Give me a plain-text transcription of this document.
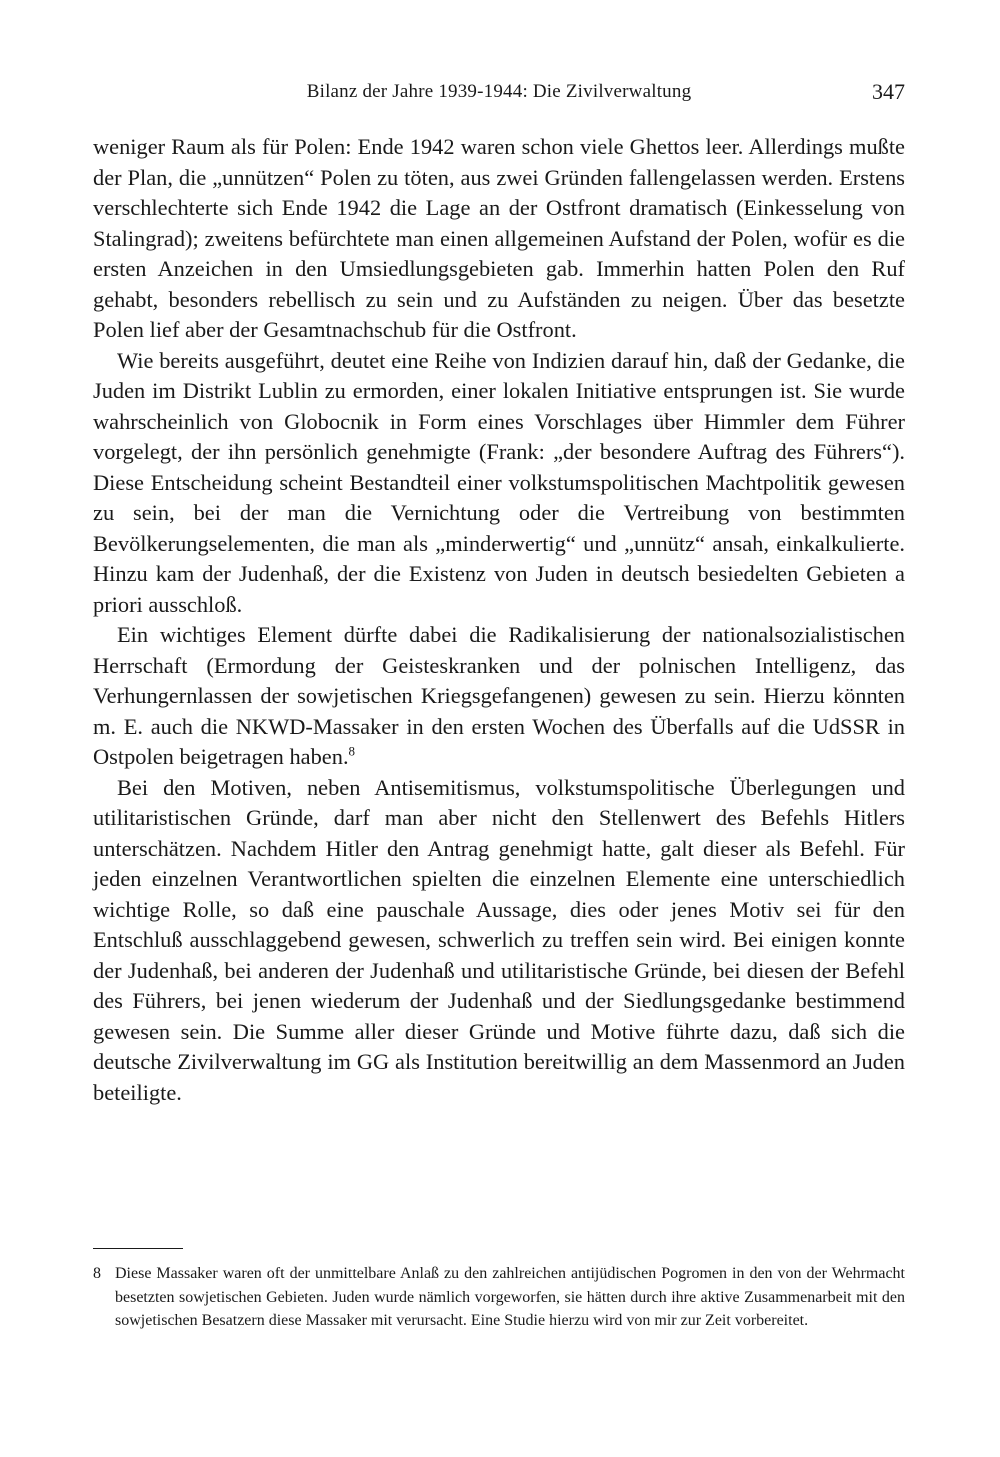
Bilanz der Jahre 1939-1944: Die Zivilverwaltung	347

weniger Raum als für Polen: Ende 1942 waren schon viele Ghettos leer. Allerdings mußte der Plan, die „unnützen“ Polen zu töten, aus zwei Gründen fallengelassen werden. Erstens verschlechterte sich Ende 1942 die Lage an der Ostfront dramatisch (Einkesselung von Stalingrad); zweitens befürchtete man einen allgemeinen Aufstand der Polen, wofür es die ersten Anzeichen in den Umsiedlungsgebieten gab. Immerhin hatten Polen den Ruf gehabt, besonders rebellisch zu sein und zu Aufständen zu neigen. Über das besetzte Polen lief aber der Gesamtnachschub für die Ostfront.

Wie bereits ausgeführt, deutet eine Reihe von Indizien darauf hin, daß der Gedanke, die Juden im Distrikt Lublin zu ermorden, einer lokalen Initiative entsprungen ist. Sie wurde wahrscheinlich von Globocnik in Form eines Vorschlages über Himmler dem Führer vorgelegt, der ihn persönlich genehmigte (Frank: „der besondere Auftrag des Führers“). Diese Entscheidung scheint Bestandteil einer volkstumspolitischen Machtpolitik gewesen zu sein, bei der man die Vernichtung oder die Vertreibung von bestimmten Bevölkerungselementen, die man als „minderwertig“ und „unnütz“ ansah, einkalkulierte. Hinzu kam der Judenhaß, der die Existenz von Juden in deutsch besiedelten Gebieten a priori ausschloß.

Ein wichtiges Element dürfte dabei die Radikalisierung der nationalsozialistischen Herrschaft (Ermordung der Geisteskranken und der polnischen Intelligenz, das Verhungernlassen der sowjetischen Kriegsgefangenen) gewesen zu sein. Hierzu könnten m. E. auch die NKWD-Massaker in den ersten Wochen des Überfalls auf die UdSSR in Ostpolen beigetragen haben.$^8$

Bei den Motiven, neben Antisemitismus, volkstumspolitische Überlegungen und utilitaristischen Gründe, darf man aber nicht den Stellenwert des Befehls Hitlers unterschätzen. Nachdem Hitler den Antrag genehmigt hatte, galt dieser als Befehl. Für jeden einzelnen Verantwortlichen spielten die einzelnen Elemente eine unterschiedlich wichtige Rolle, so daß eine pauschale Aussage, dies oder jenes Motiv sei für den Entschluß ausschlaggebend gewesen, schwerlich zu treffen sein wird. Bei einigen konnte der Judenhaß, bei anderen der Judenhaß und utilitaristische Gründe, bei diesen der Befehl des Führers, bei jenen wiederum der Judenhaß und der Siedlungsgedanke bestimmend gewesen sein. Die Summe aller dieser Gründe und Motive führte dazu, daß sich die deutsche Zivilverwaltung im GG als Institution bereitwillig an dem Massenmord an Juden beteiligte.

8 Diese Massaker waren oft der unmittelbare Anlaß zu den zahlreichen antijüdischen Pogromen in den von der Wehrmacht besetzten sowjetischen Gebieten. Juden wurde nämlich vorgeworfen, sie hätten durch ihre aktive Zusammenarbeit mit den sowjetischen Besatzern diese Massaker mit verursacht. Eine Studie hierzu wird von mir zur Zeit vorbereitet.
